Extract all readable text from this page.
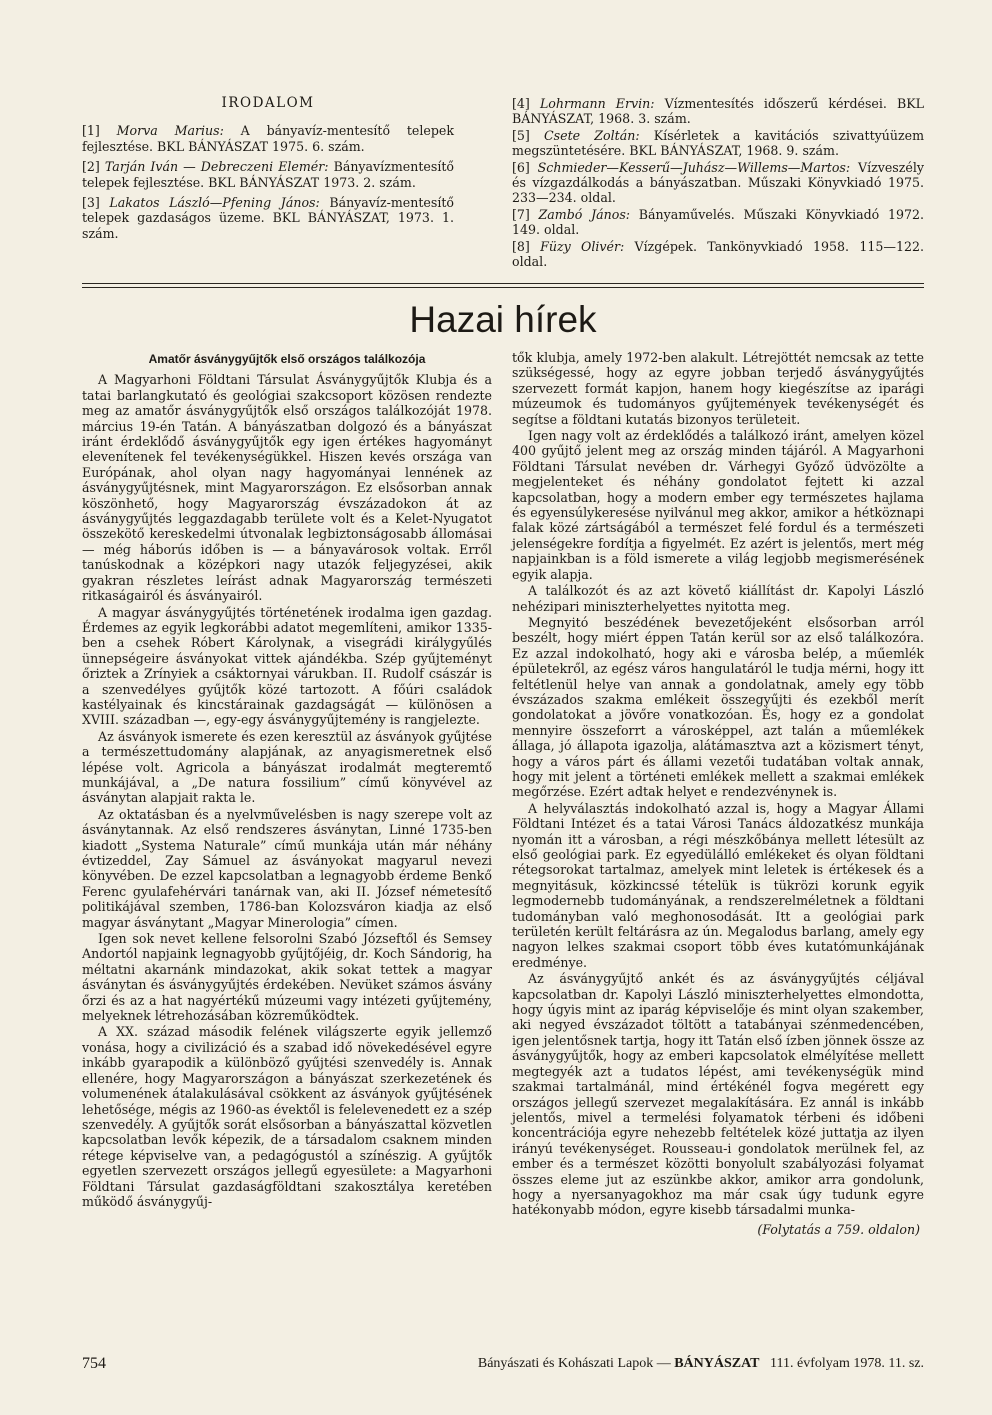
IRODALOM
[1] Morva Marius: A bányavíz-mentesítő telepek fejlesztése. BKL BÁNYÁSZAT 1975. 6. szám.
[2] Tarján Iván — Debreczeni Elemér: Bányavízmentesítő telepek fejlesztése. BKL BÁNYÁSZAT 1973. 2. szám.
[3] Lakatos László—Pfening János: Bányavíz-mentesítő telepek gazdaságos üzeme. BKL BÁNYÁSZAT, 1973. 1. szám.
[4] Lohrmann Ervin: Vízmentesítés időszerű kérdései. BKL BÁNYÁSZAT, 1968. 3. szám.
[5] Csete Zoltán: Kísérletek a kavitációs szivattyúüzem megszüntetésére. BKL BÁNYÁSZAT, 1968. 9. szám.
[6] Schmieder—Kesserű—Juhász—Willems—Martos: Vízveszély és vízgazdálkodás a bányászatban. Műszaki Könyvkiadó 1975. 233—234. oldal.
[7] Zambó János: Bányaművelés. Műszaki Könyvkiadó 1972. 149. oldal.
[8] Füzy Olivér: Vízgépek. Tankönyvkiadó 1958. 115—122. oldal.
Hazai hírek
Amatőr ásványgyűjtők első országos találkozója

A Magyarhoni Földtani Társulat Ásványgyűjtők Klubja és a tatai barlangkutató és geológiai szakcsoport közösen rendezte meg az amatőr ásványgyűjtők első országos találkozóját 1978. március 19-én Tatán. A bányászatban dolgozó és a bányászat iránt érdeklődő ásványgyűjtők egy igen értékes hagyományt elevenítenek fel tevékenységükkel. Hiszen kevés országa van Európának, ahol olyan nagy hagyományai lennének az ásványgyűjtésnek, mint Magyarországon. Ez elsősorban annak köszönhető, hogy Magyarország évszázadokon át az ásványgyűjtés leggazdagabb területe volt és a Kelet-Nyugatot összekötő kereskedelmi útvonalak legbiztonságosabb állomásai — még háborús időben is — a bányavárosok voltak. Erről tanúskodnak a középkori nagy utazók feljegyzései, akik gyakran részletes leírást adnak Magyarország természeti ritkaságairól és ásványairól.

A magyar ásványgyűjtés történetének irodalma igen gazdag. Érdemes az egyik legkorábbi adatot megemlíteni, amikor 1335-ben a csehek Róbert Károlynak, a visegrádi királygyűlés ünnepségeire ásványokat vittek ajándékba. Szép gyűjteményt őriztek a Zrínyiek a csáktornyai várukban. II. Rudolf császár is a szenvedélyes gyűjtők közé tartozott. A főúri családok kastélyainak és kincstárainak gazdagságát — különösen a XVIII. században —, egy-egy ásványgyűjtemény is rangjelezte.

Az ásványok ismerete és ezen keresztül az ásványok gyűjtése a természettudomány alapjának, az anyagismeretnek első lépése volt. Agricola a bányászat irodalmát megteremtő munkájával, a „De natura fossilium” című könyvével az ásványtan alapjait rakta le.

Az oktatásban és a nyelvművelésben is nagy szerepe volt az ásványtannak. Az első rendszeres ásványtan, Linné 1735-ben kiadott „Systema Naturale” című munkája után már néhány évtizeddel, Zay Sámuel az ásványokat magyarul nevezi könyvében. De ezzel kapcsolatban a legnagyobb érdeme Benkő Ferenc gyulafehérvári tanárnak van, aki II. József németesítő politikájával szemben, 1786-ban Kolozsváron kiadja az első magyar ásványtant „Magyar Minerologia” címen.

Igen sok nevet kellene felsorolni Szabó Józseftől és Semsey Andortól napjaink legnagyobb gyűjtőjéig, dr. Koch Sándorig, ha méltatni akarnánk mindazokat, akik sokat tettek a magyar ásványtan és ásványgyűjtés érdekében. Nevüket számos ásvány őrzi és az a hat nagyértékű múzeumi vagy intézeti gyűjtemény, melyeknek létrehozásában közreműködtek.

A XX. század második felének világszerte egyik jellemző vonása, hogy a civilizáció és a szabad idő növekedésével egyre inkább gyarapodik a különböző gyűjtési szenvedély is. Annak ellenére, hogy Magyarországon a bányászat szerkezetének és volumenének átalakulásával csökkent az ásványok gyűjtésének lehetősége, mégis az 1960-as évektől is felelevenedett ez a szép szenvedély. A gyűjtők sorát elsősorban a bányászattal közvetlen kapcsolatban levők képezik, de a társadalom csaknem minden rétege képviselve van, a pedagógustól a színészig. A gyűjtők egyetlen szervezett országos jellegű egyesülete: a Magyarhoni Földtani Társulat gazdaságföldtani szakosztálya keretében működő ásványgyűj-

tők klubja, amely 1972-ben alakult. Létrejöttét nemcsak az tette szükségessé, hogy az egyre jobban terjedő ásványgyűjtés szervezett formát kapjon, hanem hogy kiegészítse az iparági múzeumok és tudományos gyűjtemények tevékenységét és segítse a földtani kutatás bizonyos területeit.

Igen nagy volt az érdeklődés a találkozó iránt, amelyen közel 400 gyűjtő jelent meg az ország minden tájáról. A Magyarhoni Földtani Társulat nevében dr. Várhegyi Győző üdvözölte a megjelenteket és néhány gondolatot fejtett ki azzal kapcsolatban, hogy a modern ember egy természetes hajlama és egyensúlykeresése nyilvánul meg akkor, amikor a hétköznapi falak közé zártságából a természet felé fordul és a természeti jelenségekre fordítja a figyelmét. Ez azért is jelentős, mert még napjainkban is a föld ismerete a világ legjobb megismerésének egyik alapja.

A találkozót és az azt követő kiállítást dr. Kapolyi László nehézipari miniszterhelyettes nyitotta meg.

Megnyitó beszédének bevezetőjeként elsősorban arról beszélt, hogy miért éppen Tatán kerül sor az első találkozóra. Ez azzal indokolható, hogy aki e városba belép, a műemlék épületekről, az egész város hangulatáról le tudja mérni, hogy itt feltétlenül helye van annak a gondolatnak, amely egy több évszázados szakma emlékeit összegyűjti és ezekből merít gondolatokat a jövőre vonatkozóan. És, hogy ez a gondolat mennyire összeforrt a városképpel, azt talán a műemlékek állaga, jó állapota igazolja, alátámasztva azt a közismert tényt, hogy a város párt és állami vezetői tudatában voltak annak, hogy mit jelent a történeti emlékek mellett a szakmai emlékek megőrzése. Ezért adtak helyet e rendezvénynek is.

A helyválasztás indokolható azzal is, hogy a Magyar Állami Földtani Intézet és a tatai Városi Tanács áldozatkész munkája nyomán itt a városban, a régi mészkőbánya mellett létesült az első geológiai park. Ez egyedülálló emlékeket és olyan földtani rétegsorokat tartalmaz, amelyek mint leletek is értékesek és a megnyitásuk, közkincssé tételük is tükrözi korunk egyik legmodernebb tudományának, a rendszerelméletnek a földtani tudományban való meghonosodását. Itt a geológiai park területén került feltárásra az ún. Megalodus barlang, amely egy nagyon lelkes szakmai csoport több éves kutatómunkájának eredménye.

Az ásványgyűjtő ankét és az ásványgyűjtés céljával kapcsolatban dr. Kapolyi László miniszterhelyettes elmondotta, hogy úgyis mint az iparág képviselője és mint olyan szakember, aki negyed évszázadot töltött a tatabányai szénmedencében, igen jelentősnek tartja, hogy itt Tatán első ízben jönnek össze az ásványgyűjtők, hogy az emberi kapcsolatok elmélyítése mellett megtegyék azt a tudatos lépést, ami tevékenységük mind szakmai tartalmánál, mind értékénél fogva megérett egy országos jellegű szervezet megalakítására. Ez annál is inkább jelentős, mivel a termelési folyamatok térbeni és időbeni koncentrációja egyre nehezebb feltételek közé juttatja az ilyen irányú tevékenységet. Rousseau-i gondolatok merülnek fel, az ember és a természet közötti bonyolult szabályozási folyamat összes eleme jut az eszünkbe akkor, amikor arra gondolunk, hogy a nyersanyagokhoz ma már csak úgy tudunk egyre hatékonyabb módon, egyre kisebb társadalmi munka-

(Folytatás a 759. oldalon)
754	Bányászati és Kohászati Lapok — BÁNYÁSZAT 111. évfolyam 1978. 11. sz.
